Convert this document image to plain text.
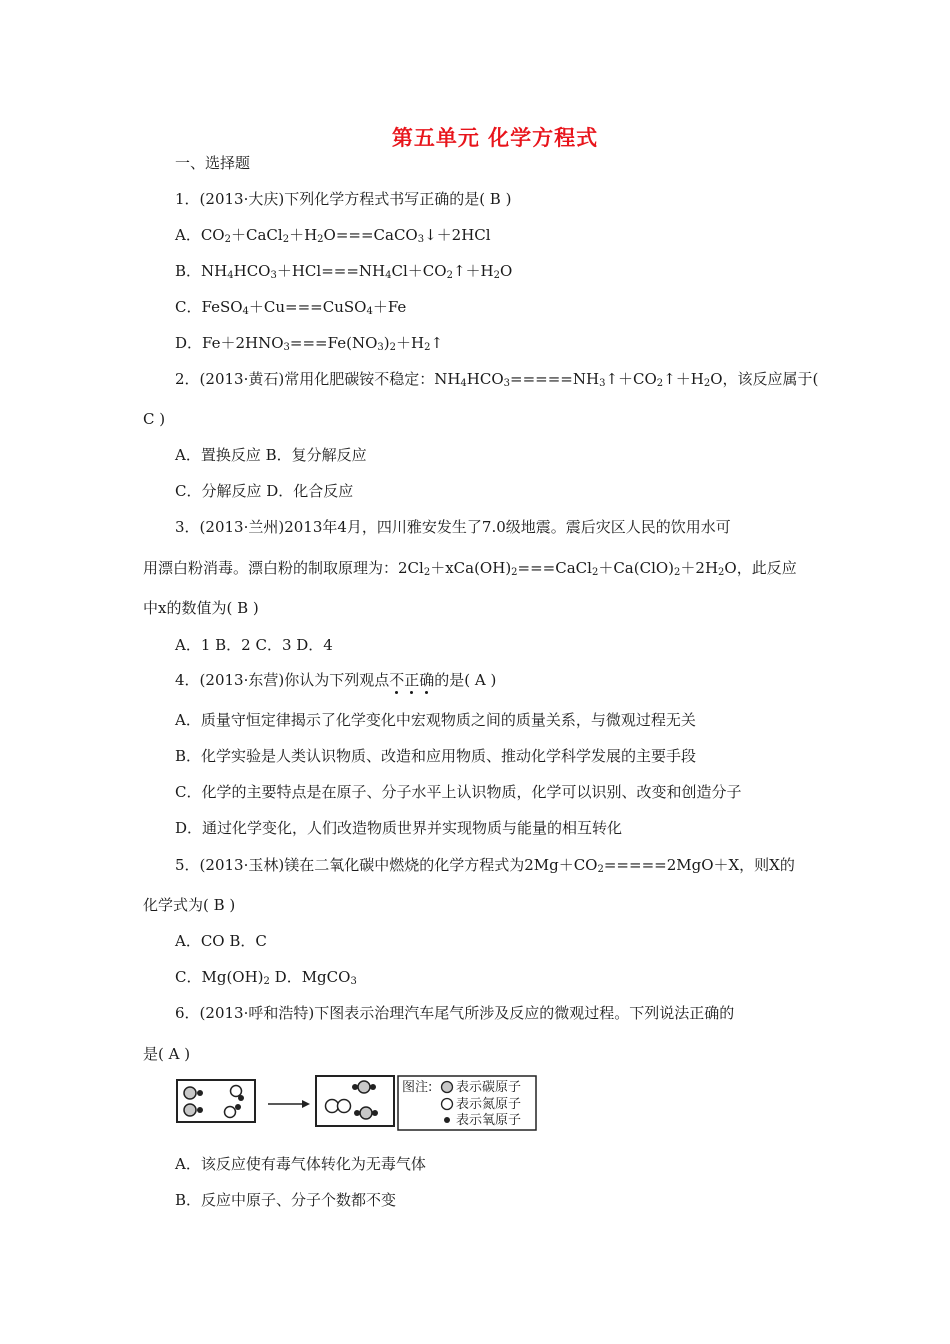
第五单元 化学方程式
一、选择题
1．(2013·大庆)下列化学方程式书写正确的是( B )
A．$CO_2+CaCl_2+H_2O===CaCO_3↓+2HCl$
B．$NH_4HCO_3+HCl===NH_4Cl+CO_2↑+H_2O$
C．FeSO$_4$＋Cu===CuSO$_4$＋Fe
D．$Fe+2HNO_3===Fe(NO_3)_2+H_2↑$
2．(2013·黄石)常用化肥碳铵不稳定：$NH_4HCO_3=====NH_3↑+CO_2↑+H_2O$，该反应属于(
C )
A．置换反应 B．复分解反应
C．分解反应 D．化合反应
3．(2013·兰州)2013年4月，四川雅安发生了7.0级地震。震后灾区人民的饮用水可
用漂白粉消毒。漂白粉的制取原理为：$2Cl_2+xCa(OH)_2===CaCl_2+Ca(ClO)_2+2H_2O$，此反应
中x的数值为( B )
A．1 B．2 C．3 D．4
4．(2013·东营)你认为下列观点不正确的是( A )
A．质量守恒定律揭示了化学变化中宏观物质之间的质量关系，与微观过程无关
B．化学实验是人类认识物质、改造和应用物质、推动化学科学发展的主要手段
C．化学的主要特点是在原子、分子水平上认识物质，化学可以识别、改变和创造分子
D．通过化学变化，人们改造物质世界并实现物质与能量的相互转化
5．(2013·玉林)镁在二氧化碳中燃烧的化学方程式为$2Mg+CO_2=====2MgO+X$，则X的
化学式为( B )
A．CO B．C
C．$Mg(OH)_2$ D．MgCO$_3$
6．(2013·呼和浩特)下图表示治理汽车尾气所涉及反应的微观过程。下列说法正确的
是( A )
图注: 表示碳原子
表示氮原子
表示氧原子
A．该反应使有毒气体转化为无毒气体
B．反应中原子、分子个数都不变
